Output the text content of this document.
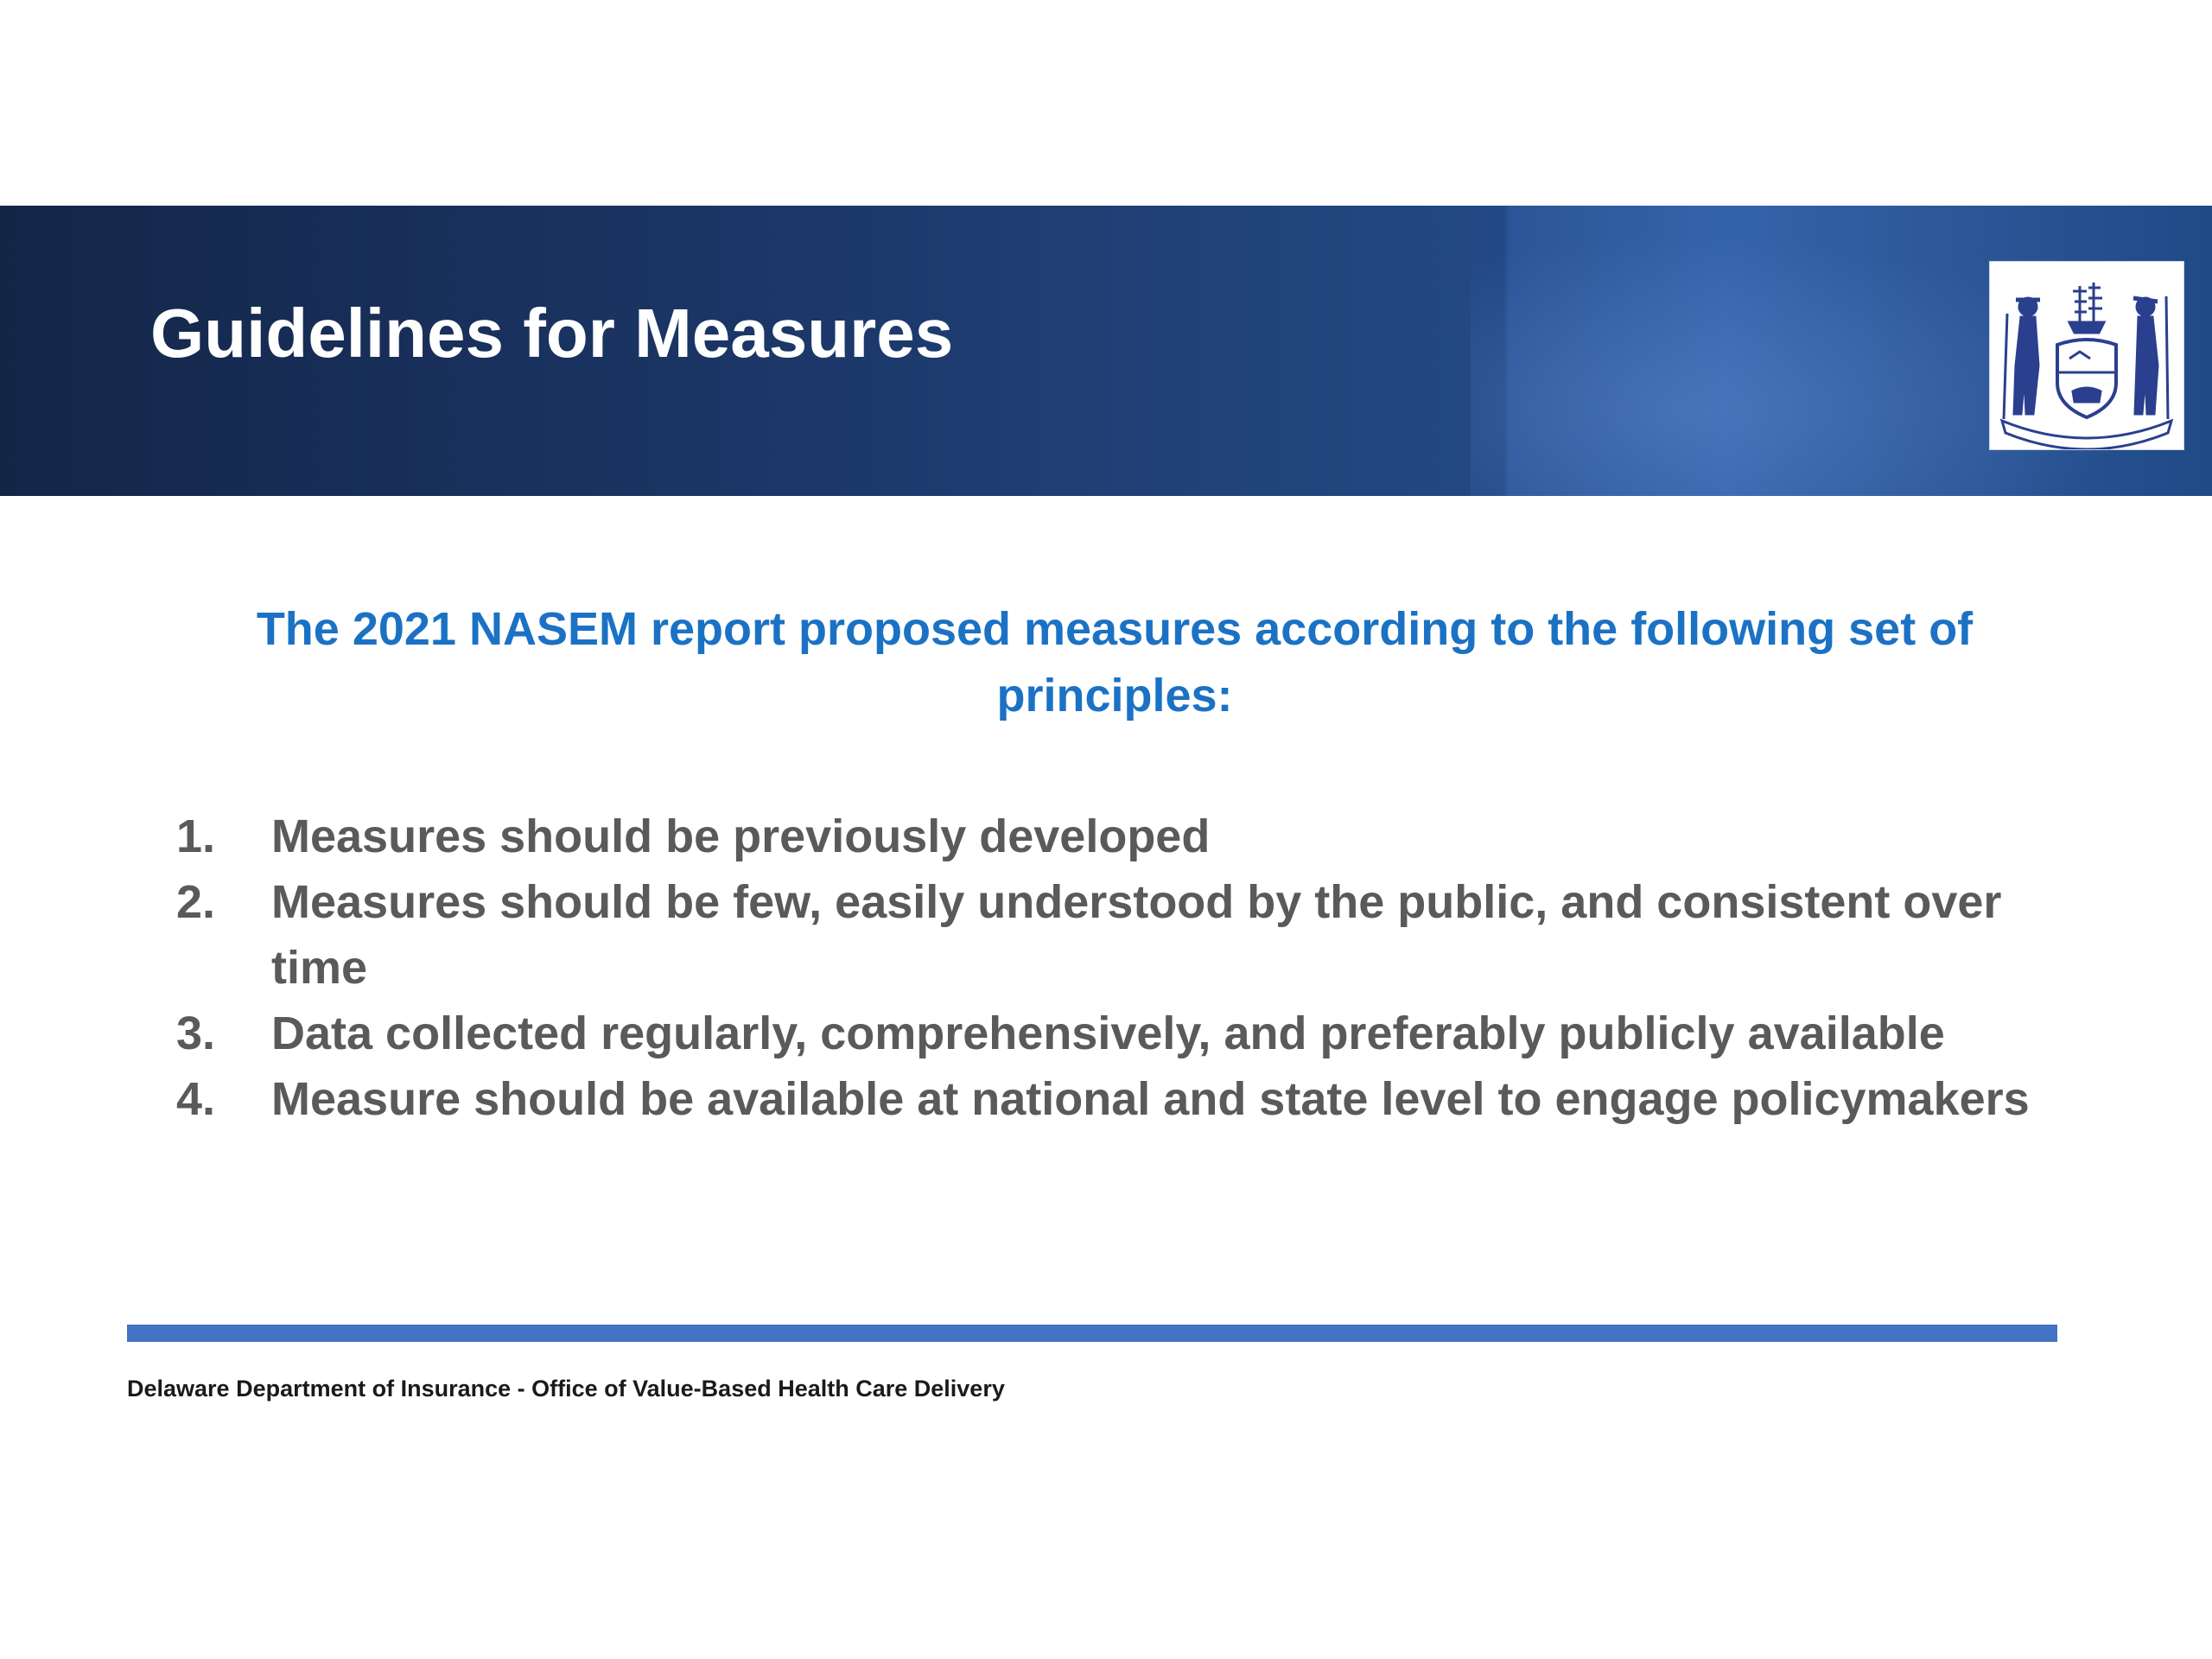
Guidelines for Measures

The 2021 NASEM report proposed measures according to the following set of principles:

1. Measures should be previously developed
2. Measures should be few, easily understood by the public, and consistent over time
3. Data collected regularly, comprehensively, and preferably publicly available
4. Measure should be available at national and state level to engage policymakers

Delaware Department of Insurance - Office of Value-Based Health Care Delivery
